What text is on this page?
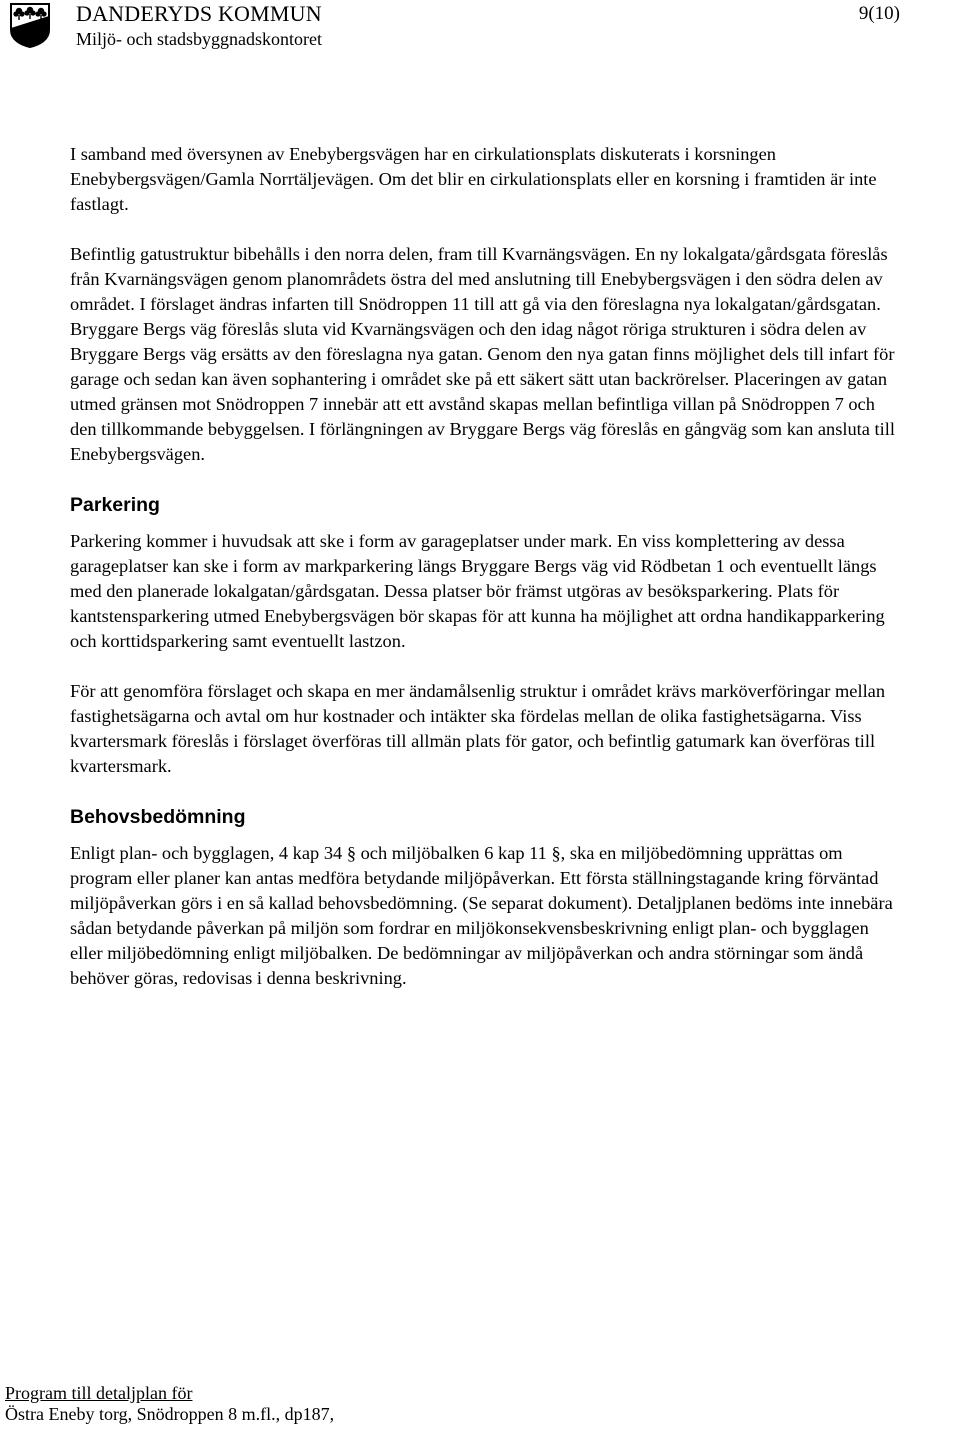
DANDERYDS KOMMUN
Miljö- och stadsbyggnadskontoret
9(10)

I samband med översynen av Enebybergsvägen har en cirkulationsplats diskuterats i korsningen Enebybergsvägen/Gamla Norrtäljevägen. Om det blir en cirkulationsplats eller en korsning i framtiden är inte fastlagt.

Befintlig gatustruktur bibehålls i den norra delen, fram till Kvarnängsvägen. En ny lokalgata/gårdsgata föreslås från Kvarnängsvägen genom planområdets östra del med anslutning till Enebybergsvägen i den södra delen av området. I förslaget ändras infarten till Snödroppen 11 till att gå via den föreslagna nya lokalgatan/gårdsgatan. Bryggare Bergs väg föreslås sluta vid Kvarnängsvägen och den idag något röriga strukturen i södra delen av Bryggare Bergs väg ersätts av den föreslagna nya gatan. Genom den nya gatan finns möjlighet dels till infart för garage och sedan kan även sophantering i området ske på ett säkert sätt utan backrörelser. Placeringen av gatan utmed gränsen mot Snödroppen 7 innebär att ett avstånd skapas mellan befintliga villan på Snödroppen 7 och den tillkommande bebyggelsen. I förlängningen av Bryggare Bergs väg föreslås en gångväg som kan ansluta till Enebybergsvägen.

Parkering

Parkering kommer i huvudsak att ske i form av garageplatser under mark. En viss komplettering av dessa garageplatser kan ske i form av markparkering längs Bryggare Bergs väg vid Rödbetan 1 och eventuellt längs med den planerade lokalgatan/gårdsgatan. Dessa platser bör främst utgöras av besöksparkering. Plats för kantstensparkering utmed Enebybergsvägen bör skapas för att kunna ha möjlighet att ordna handikapparkering och korttidsparkering samt eventuellt lastzon.

För att genomföra förslaget och skapa en mer ändamålsenlig struktur i området krävs marköverföringar mellan fastighetsägarna och avtal om hur kostnader och intäkter ska fördelas mellan de olika fastighetsägarna. Viss kvartersmark föreslås i förslaget överföras till allmän plats för gator, och befintlig gatumark kan överföras till kvartersmark.

Behovsbedömning

Enligt plan- och bygglagen, 4 kap 34 § och miljöbalken 6 kap 11 §, ska en miljöbedömning upprättas om program eller planer kan antas medföra betydande miljöpåverkan. Ett första ställningstagande kring förväntad miljöpåverkan görs i en så kallad behovsbedömning. (Se separat dokument). Detaljplanen bedöms inte innebära sådan betydande påverkan på miljön som fordrar en miljökonsekvensbeskrivning enligt plan- och bygglagen eller miljöbedömning enligt miljöbalken. De bedömningar av miljöpåverkan och andra störningar som ändå behöver göras, redovisas i denna beskrivning.

Program till detaljplan för
Östra Eneby torg, Snödroppen 8 m.fl., dp187,
